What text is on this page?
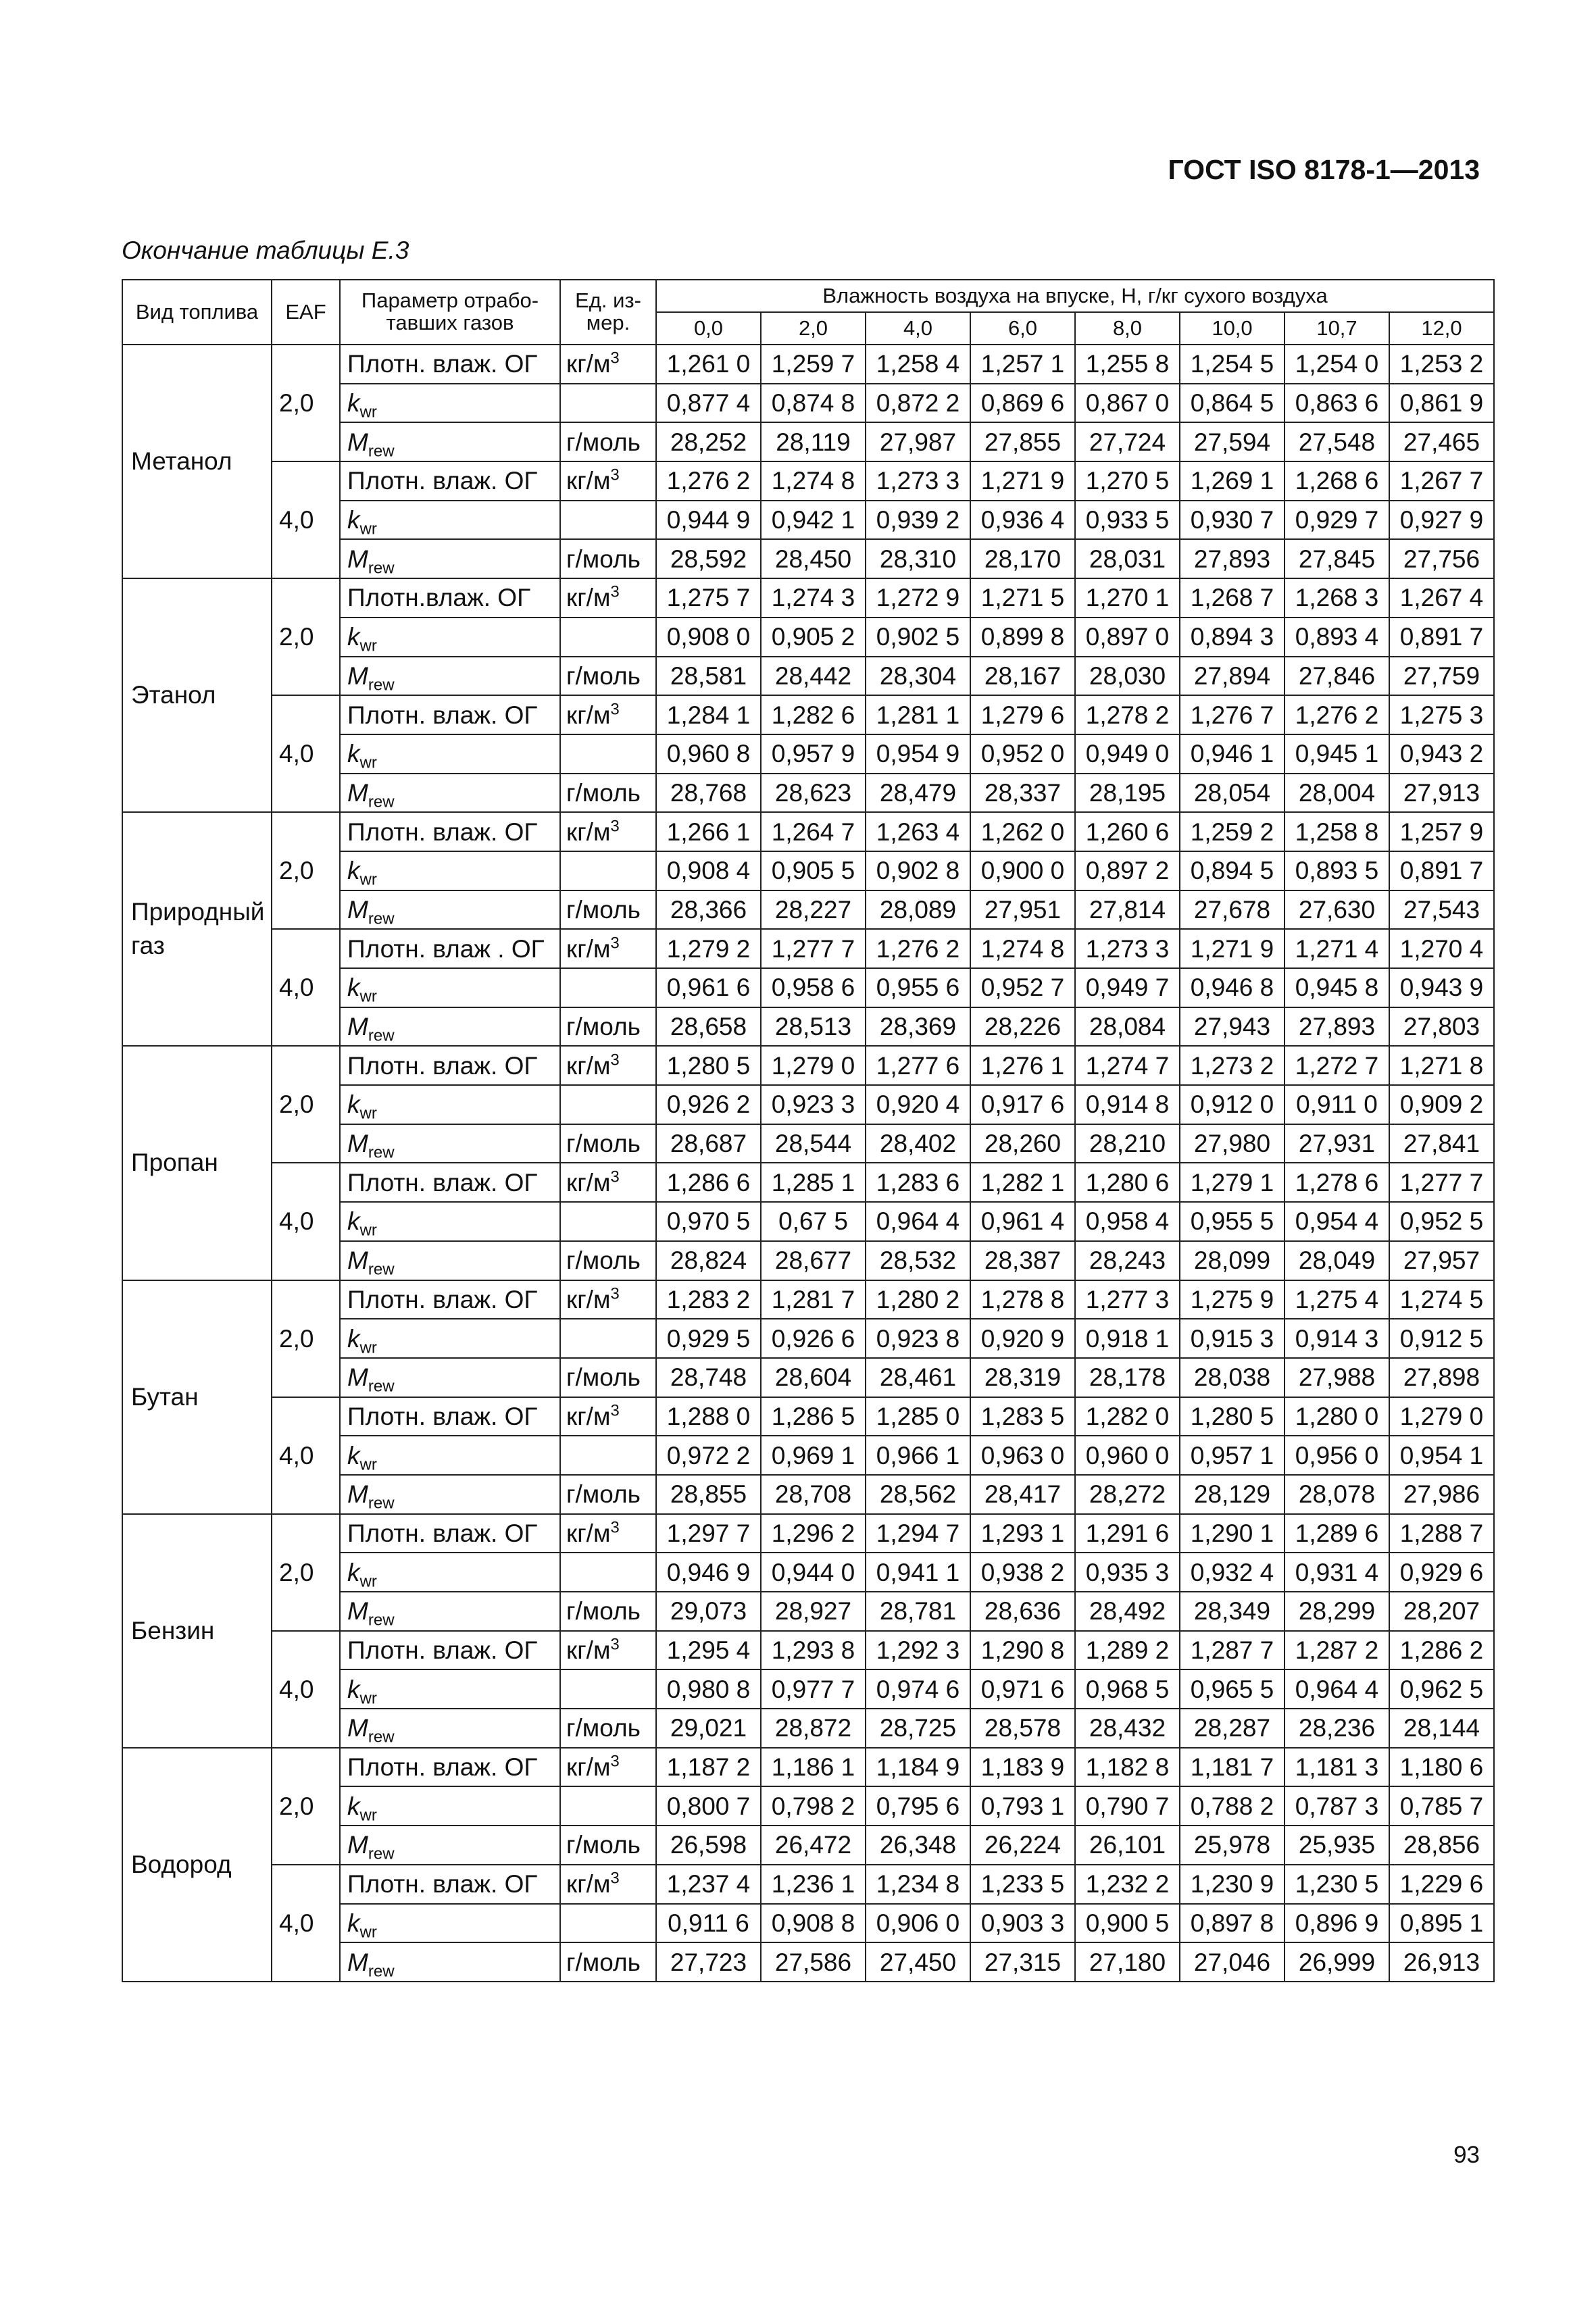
ГОСТ ISO 8178-1—2013
Окончание таблицы Е.3
Вид топлива	EAF	Параметр отрабо-тавших газов	Ед. из-мер.	Влажность воздуха на впуске, H, г/кг сухого воздуха							
				0,0	2,0	4,0	6,0	8,0	10,0	10,7	12,0
Метанол	2,0	Плотн. влаж. ОГ	$кг/м^3$	1,261 0	1,259 7	1,258 4	1,257 1	1,255 8	1,254 5	1,254 0	1,253 2
		$k_{wr}$		0,877 4	0,874 8	0,872 2	0,869 6	0,867 0	0,864 5	0,863 6	0,861 9
		$M_{rew}$	г/моль	28,252	28,119	27,987	27,855	27,724	27,594	27,548	27,465
	4,0	Плотн. влаж. ОГ	$кг/м^3$	1,276 2	1,274 8	1,273 3	1,271 9	1,270 5	1,269 1	1,268 6	1,267 7
		$k_{wr}$		0,944 9	0,942 1	0,939 2	0,936 4	0,933 5	0,930 7	0,929 7	0,927 9
		$M_{rew}$	г/моль	28,592	28,450	28,310	28,170	28,031	27,893	27,845	27,756
Этанол	2,0	Плотн.влаж. ОГ	$кг/м^3$	1,275 7	1,274 3	1,272 9	1,271 5	1,270 1	1,268 7	1,268 3	1,267 4
		$k_{wr}$		0,908 0	0,905 2	0,902 5	0,899 8	0,897 0	0,894 3	0,893 4	0,891 7
		$M_{rew}$	г/моль	28,581	28,442	28,304	28,167	28,030	27,894	27,846	27,759
	4,0	Плотн. влаж. ОГ	$кг/м^3$	1,284 1	1,282 6	1,281 1	1,279 6	1,278 2	1,276 7	1,276 2	1,275 3
		$k_{wr}$		0,960 8	0,957 9	0,954 9	0,952 0	0,949 0	0,946 1	0,945 1	0,943 2
		$M_{rew}$	г/моль	28,768	28,623	28,479	28,337	28,195	28,054	28,004	27,913
Природный газ	2,0	Плотн. влаж. ОГ	$кг/м^3$	1,266 1	1,264 7	1,263 4	1,262 0	1,260 6	1,259 2	1,258 8	1,257 9
		$k_{wr}$		0,908 4	0,905 5	0,902 8	0,900 0	0,897 2	0,894 5	0,893 5	0,891 7
		$M_{rew}$	г/моль	28,366	28,227	28,089	27,951	27,814	27,678	27,630	27,543
	4,0	Плотн. влаж . ОГ	$кг/м^3$	1,279 2	1,277 7	1,276 2	1,274 8	1,273 3	1,271 9	1,271 4	1,270 4
		$k_{wr}$		0,961 6	0,958 6	0,955 6	0,952 7	0,949 7	0,946 8	0,945 8	0,943 9
		$M_{rew}$	г/моль	28,658	28,513	28,369	28,226	28,084	27,943	27,893	27,803
Пропан	2,0	Плотн. влаж. ОГ	$кг/м^3$	1,280 5	1,279 0	1,277 6	1,276 1	1,274 7	1,273 2	1,272 7	1,271 8
		$k_{wr}$		0,926 2	0,923 3	0,920 4	0,917 6	0,914 8	0,912 0	0,911 0	0,909 2
		$M_{rew}$	г/моль	28,687	28,544	28,402	28,260	28,210	27,980	27,931	27,841
	4,0	Плотн. влаж. ОГ	$кг/м^3$	1,286 6	1,285 1	1,283 6	1,282 1	1,280 6	1,279 1	1,278 6	1,277 7
		$k_{wr}$		0,970 5	0,67 5	0,964 4	0,961 4	0,958 4	0,955 5	0,954 4	0,952 5
		$M_{rew}$	г/моль	28,824	28,677	28,532	28,387	28,243	28,099	28,049	27,957
Бутан	2,0	Плотн. влаж. ОГ	$кг/м^3$	1,283 2	1,281 7	1,280 2	1,278 8	1,277 3	1,275 9	1,275 4	1,274 5
		$k_{wr}$		0,929 5	0,926 6	0,923 8	0,920 9	0,918 1	0,915 3	0,914 3	0,912 5
		$M_{rew}$	г/моль	28,748	28,604	28,461	28,319	28,178	28,038	27,988	27,898
	4,0	Плотн. влаж. ОГ	$кг/м^3$	1,288 0	1,286 5	1,285 0	1,283 5	1,282 0	1,280 5	1,280 0	1,279 0
		$k_{wr}$		0,972 2	0,969 1	0,966 1	0,963 0	0,960 0	0,957 1	0,956 0	0,954 1
		$M_{rew}$	г/моль	28,855	28,708	28,562	28,417	28,272	28,129	28,078	27,986
Бензин	2,0	Плотн. влаж. ОГ	$кг/м^3$	1,297 7	1,296 2	1,294 7	1,293 1	1,291 6	1,290 1	1,289 6	1,288 7
		$k_{wr}$		0,946 9	0,944 0	0,941 1	0,938 2	0,935 3	0,932 4	0,931 4	0,929 6
		$M_{rew}$	г/моль	29,073	28,927	28,781	28,636	28,492	28,349	28,299	28,207
	4,0	Плотн. влаж. ОГ	$кг/м^3$	1,295 4	1,293 8	1,292 3	1,290 8	1,289 2	1,287 7	1,287 2	1,286 2
		$k_{wr}$		0,980 8	0,977 7	0,974 6	0,971 6	0,968 5	0,965 5	0,964 4	0,962 5
		$M_{rew}$	г/моль	29,021	28,872	28,725	28,578	28,432	28,287	28,236	28,144
Водород	2,0	Плотн. влаж. ОГ	$кг/м^3$	1,187 2	1,186 1	1,184 9	1,183 9	1,182 8	1,181 7	1,181 3	1,180 6
		$k_{wr}$		0,800 7	0,798 2	0,795 6	0,793 1	0,790 7	0,788 2	0,787 3	0,785 7
		$M_{rew}$	г/моль	26,598	26,472	26,348	26,224	26,101	25,978	25,935	28,856
	4,0	Плотн. влаж. ОГ	$кг/м^3$	1,237 4	1,236 1	1,234 8	1,233 5	1,232 2	1,230 9	1,230 5	1,229 6
		$k_{wr}$		0,911 6	0,908 8	0,906 0	0,903 3	0,900 5	0,897 8	0,896 9	0,895 1
		$M_{rew}$	г/моль	27,723	27,586	27,450	27,315	27,180	27,046	26,999	26,913
93
